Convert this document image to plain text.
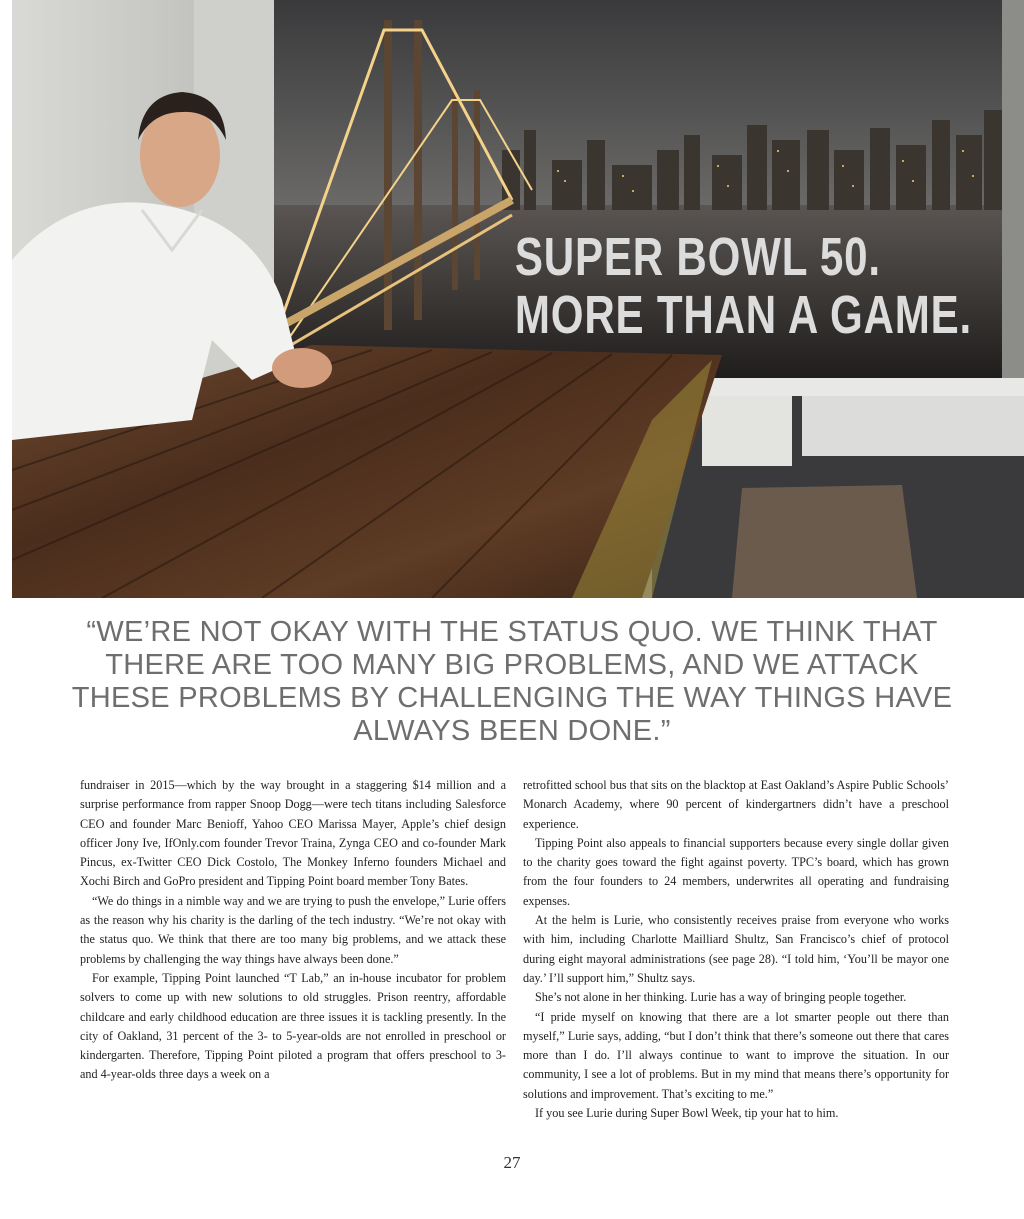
SUPER BOWL 50.
MORE THAN A GAME.

“WE’RE NOT OKAY WITH THE STATUS QUO. WE THINK THAT THERE ARE TOO MANY BIG PROBLEMS, AND WE ATTACK THESE PROBLEMS BY CHALLENGING THE WAY THINGS HAVE ALWAYS BEEN DONE.”

fundraiser in 2015—which by the way brought in a staggering $14 million and a surprise performance from rapper Snoop Dogg—were tech titans including Salesforce CEO and founder Marc Benioff, Yahoo CEO Marissa Mayer, Apple’s chief design officer Jony Ive, IfOnly.com founder Trevor Traina, Zynga CEO and co-founder Mark Pincus, ex-Twitter CEO Dick Costolo, The Monkey Inferno founders Michael and Xochi Birch and GoPro president and Tipping Point board member Tony Bates.

“We do things in a nimble way and we are trying to push the envelope,” Lurie offers as the reason why his charity is the darling of the tech industry. “We’re not okay with the status quo. We think that there are too many big problems, and we attack these problems by challenging the way things have always been done.”

For example, Tipping Point launched “T Lab,” an in-house incubator for problem solvers to come up with new solutions to old struggles. Prison reentry, affordable childcare and early childhood education are three issues it is tackling presently. In the city of Oakland, 31 percent of the 3- to 5-year-olds are not enrolled in preschool or kindergarten. Therefore, Tipping Point piloted a program that offers preschool to 3- and 4-year-olds three days a week on a

retrofitted school bus that sits on the blacktop at East Oakland’s Aspire Public Schools’ Monarch Academy, where 90 percent of kindergartners didn’t have a preschool experience.

Tipping Point also appeals to financial supporters because every single dollar given to the charity goes toward the fight against poverty. TPC’s board, which has grown from the four founders to 24 members, underwrites all operating and fundraising expenses.

At the helm is Lurie, who consistently receives praise from everyone who works with him, including Charlotte Mailliard Shultz, San Francisco’s chief of protocol during eight mayoral administrations (see page 28). “I told him, ‘You’ll be mayor one day.’ I’ll support him,” Shultz says.

She’s not alone in her thinking. Lurie has a way of bringing people together.

“I pride myself on knowing that there are a lot smarter people out there than myself,” Lurie says, adding, “but I don’t think that there’s someone out there that cares more than I do. I’ll always continue to want to improve the situation. In our community, I see a lot of problems. But in my mind that means there’s opportunity for solutions and improvement. That’s exciting to me.”

If you see Lurie during Super Bowl Week, tip your hat to him.

27
